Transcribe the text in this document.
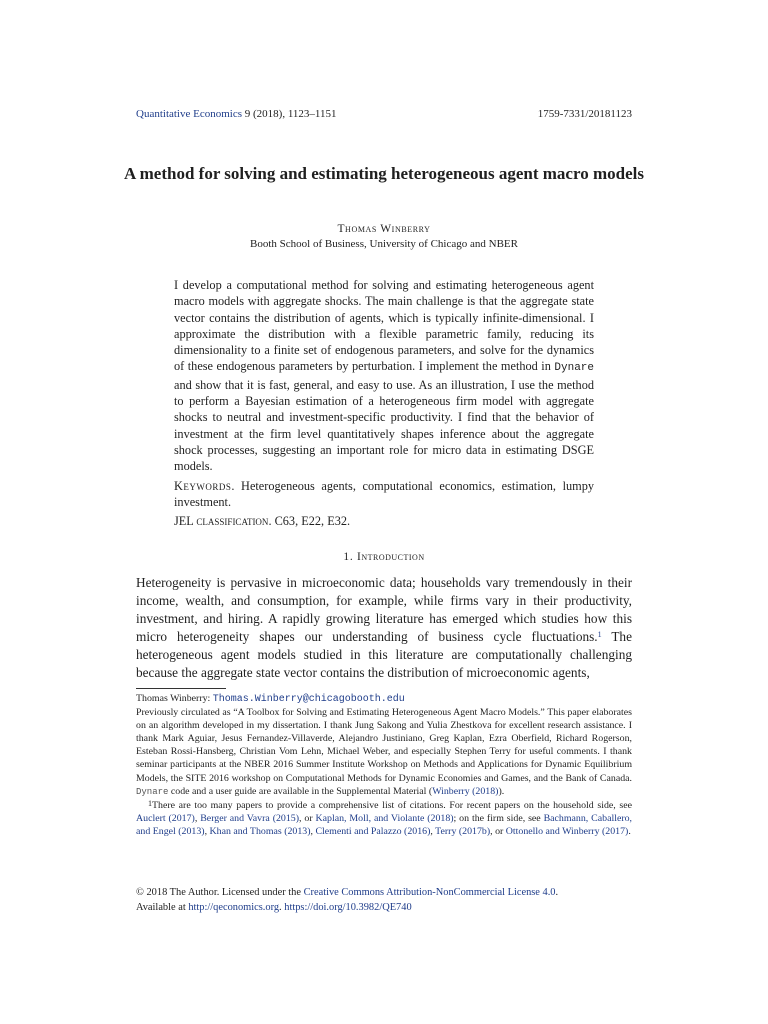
Quantitative Economics 9 (2018), 1123–1151	1759-7331/20181123
A method for solving and estimating heterogeneous agent macro models
Thomas Winberry
Booth School of Business, University of Chicago and NBER

I develop a computational method for solving and estimating heterogeneous agent macro models with aggregate shocks. The main challenge is that the aggregate state vector contains the distribution of agents, which is typically infinite-dimensional. I approximate the distribution with a flexible parametric family, reducing its dimensionality to a finite set of endogenous parameters, and solve for the dynamics of these endogenous parameters by perturbation. I implement the method in Dynare and show that it is fast, general, and easy to use. As an illustration, I use the method to perform a Bayesian estimation of a heterogeneous firm model with aggregate shocks to neutral and investment-specific productivity. I find that the behavior of investment at the firm level quantitatively shapes inference about the aggregate shock processes, suggesting an important role for micro data in estimating DSGE models.

Keywords. Heterogeneous agents, computational economics, estimation, lumpy investment.

JEL classification. C63, E22, E32.

1. Introduction

Heterogeneity is pervasive in microeconomic data; households vary tremendously in their income, wealth, and consumption, for example, while firms vary in their productivity, investment, and hiring. A rapidly growing literature has emerged which studies how this micro heterogeneity shapes our understanding of business cycle fluctuations.$^1$ The heterogeneous agent models studied in this literature are computationally challenging because the aggregate state vector contains the distribution of microeconomic agents,

Thomas Winberry: Thomas.Winberry@chicagobooth.edu

Previously circulated as “A Toolbox for Solving and Estimating Heterogeneous Agent Macro Models.” This paper elaborates on an algorithm developed in my dissertation. I thank Jung Sakong and Yulia Zhestkova for excellent research assistance. I thank Mark Aguiar, Jesus Fernandez-Villaverde, Alejandro Justiniano, Greg Kaplan, Ezra Oberfield, Richard Rogerson, Esteban Rossi-Hansberg, Christian Vom Lehn, Michael Weber, and especially Stephen Terry for useful comments. I thank seminar participants at the NBER 2016 Summer Institute Workshop on Methods and Applications for Dynamic Equilibrium Models, the SITE 2016 workshop on Computational Methods for Dynamic Economies and Games, and the Bank of Canada. Dynare code and a user guide are available in the Supplemental Material (Winberry (2018)).

$^1$There are too many papers to provide a comprehensive list of citations. For recent papers on the household side, see Auclert (2017), Berger and Vavra (2015), or Kaplan, Moll, and Violante (2018); on the firm side, see Bachmann, Caballero, and Engel (2013), Khan and Thomas (2013), Clementi and Palazzo (2016), Terry (2017b), or Ottonello and Winberry (2017).

© 2018 The Author. Licensed under the Creative Commons Attribution-NonCommercial License 4.0.

Available at http://qeconomics.org. https://doi.org/10.3982/QE740
